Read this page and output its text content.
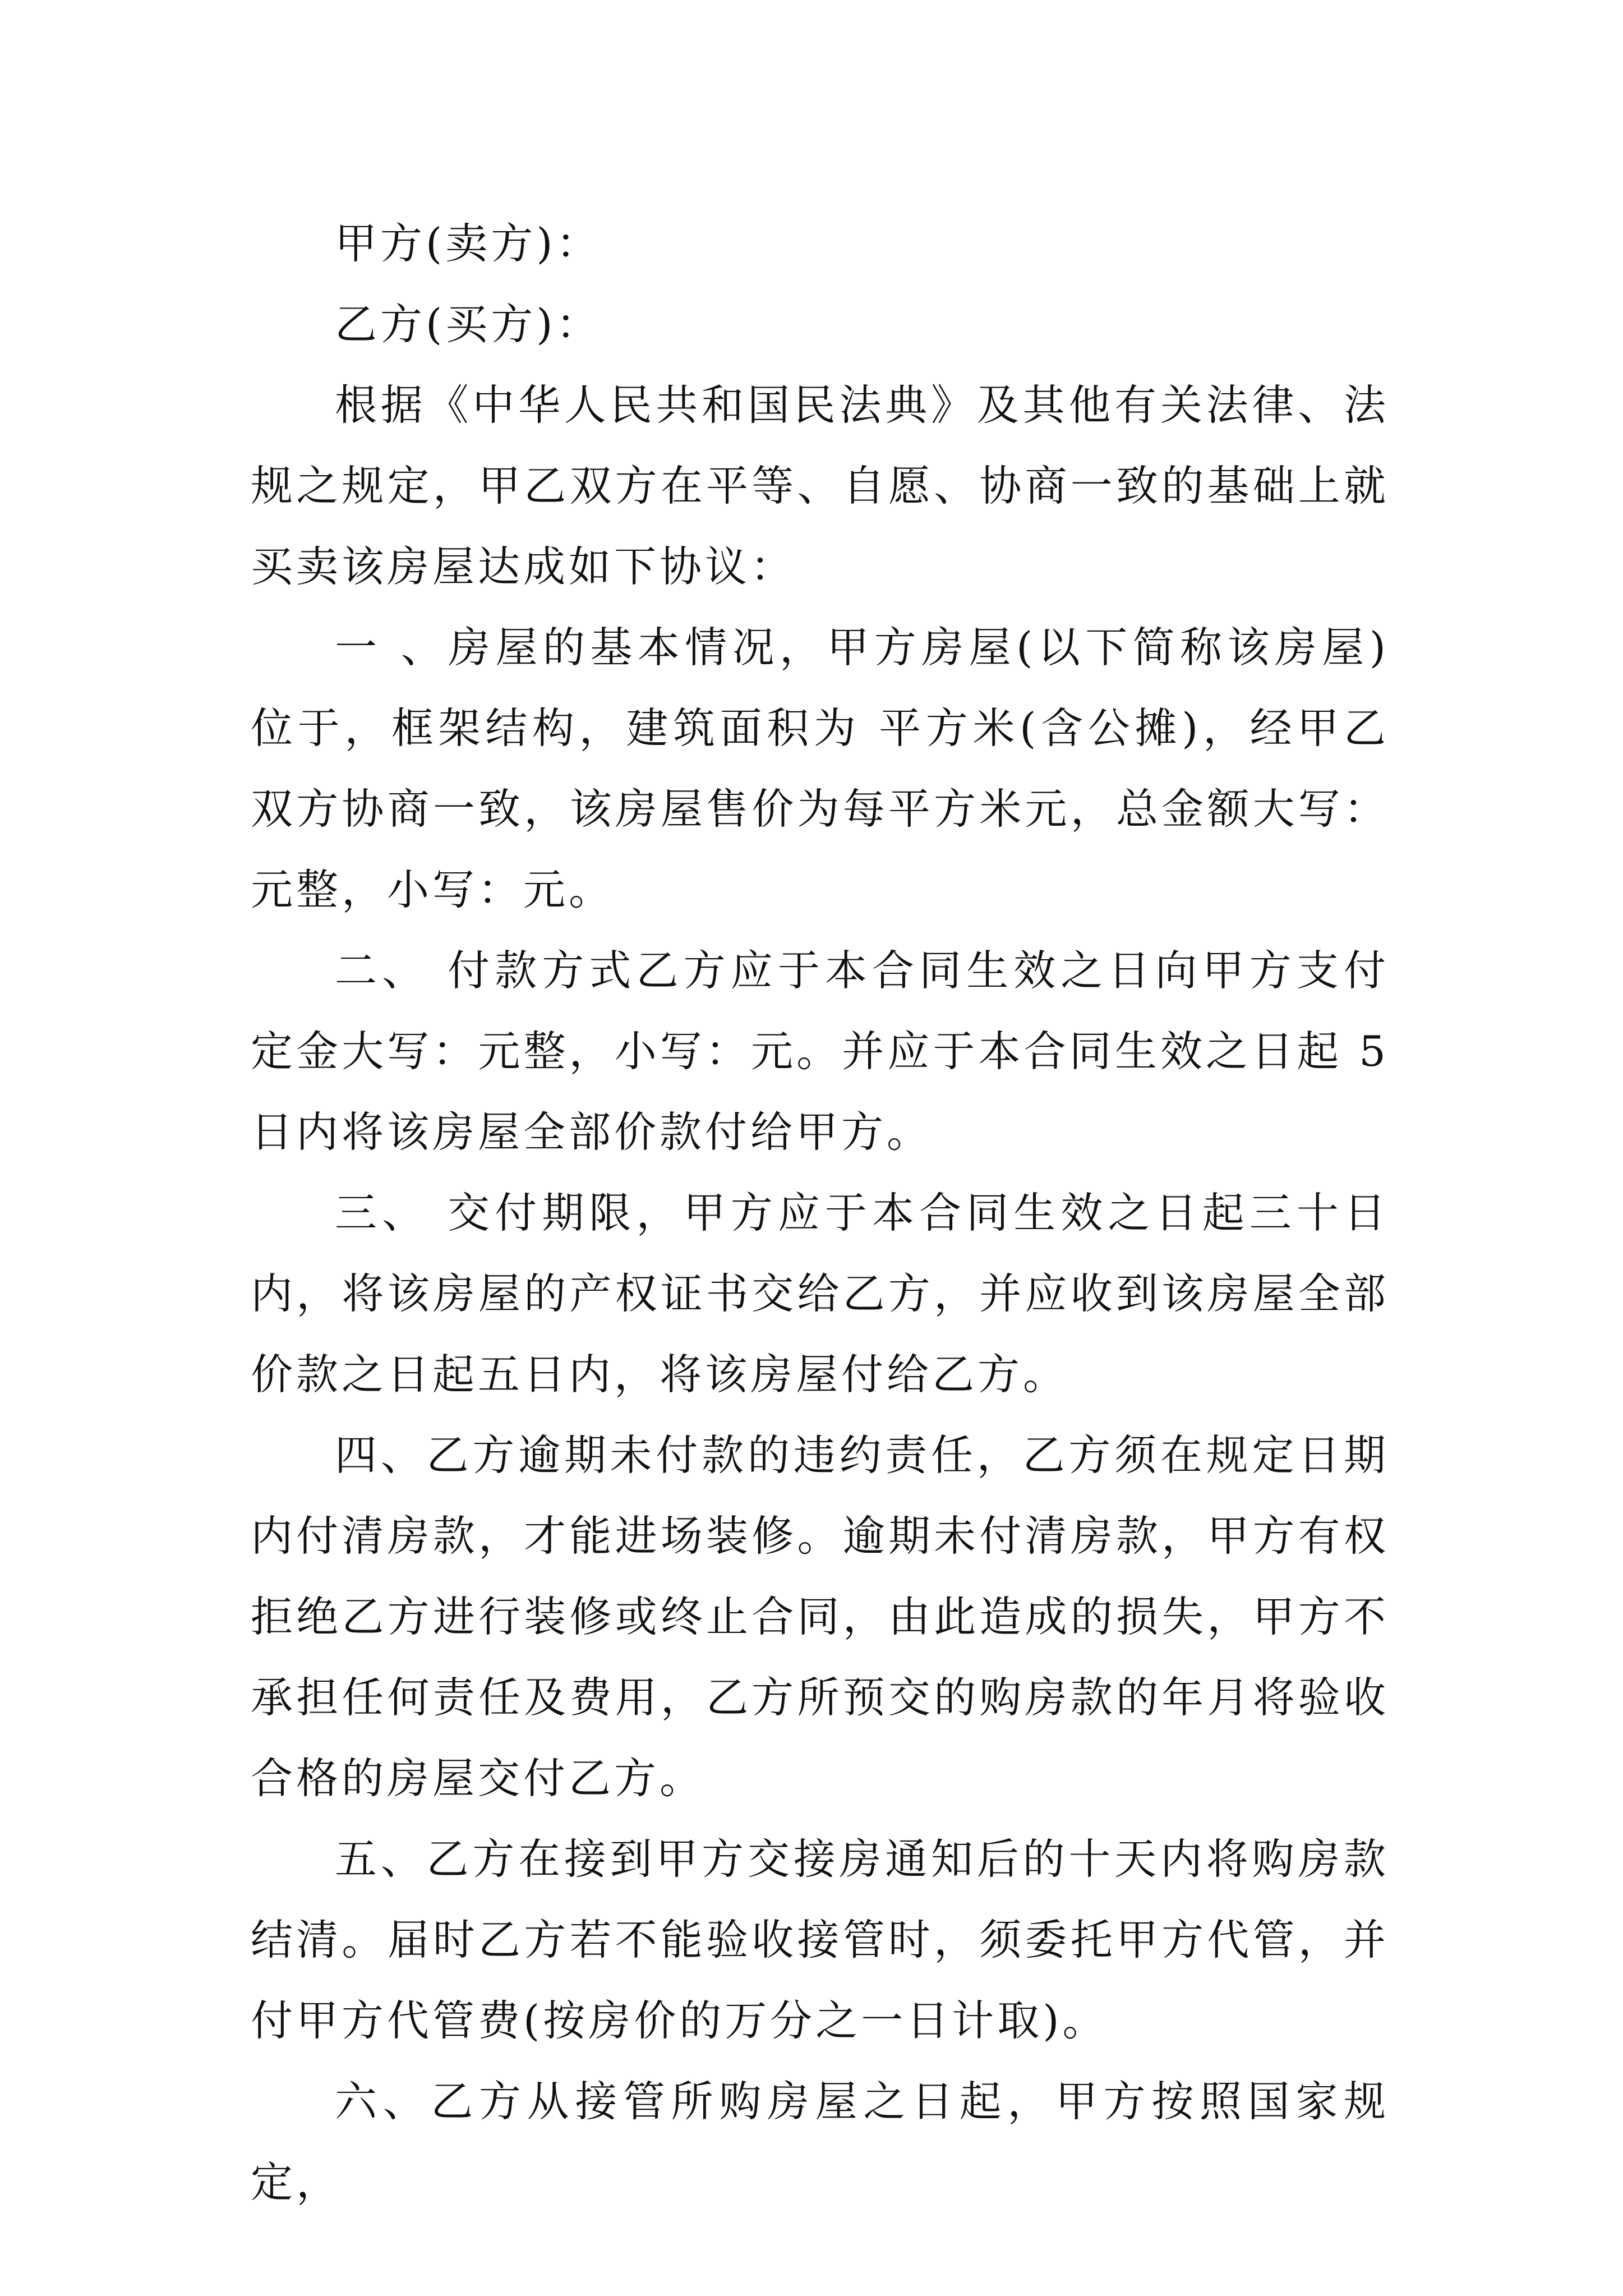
甲方(卖方)：

乙方(买方)：

根据《中华人民共和国民法典》及其他有关法律、法规之规定，甲乙双方在平等、自愿、协商一致的基础上就买卖该房屋达成如下协议：

一 、房屋的基本情况，甲方房屋(以下简称该房屋)位于，框架结构，建筑面积为 平方米(含公摊)，经甲乙双方协商一致，该房屋售价为每平方米元，总金额大写：元整，小写：元。

二、 付款方式乙方应于本合同生效之日向甲方支付定金大写：元整，小写：元。并应于本合同生效之日起 5 日内将该房屋全部价款付给甲方。

三、 交付期限，甲方应于本合同生效之日起三十日内，将该房屋的产权证书交给乙方，并应收到该房屋全部价款之日起五日内，将该房屋付给乙方。

四、乙方逾期未付款的违约责任，乙方须在规定日期内付清房款，才能进场装修。逾期未付清房款，甲方有权拒绝乙方进行装修或终止合同，由此造成的损失，甲方不承担任何责任及费用，乙方所预交的购房款的年月将验收合格的房屋交付乙方。

五、乙方在接到甲方交接房通知后的十天内将购房款结清。届时乙方若不能验收接管时，须委托甲方代管，并付甲方代管费(按房价的万分之一日计取)。

六、乙方从接管所购房屋之日起，甲方按照国家规定，
